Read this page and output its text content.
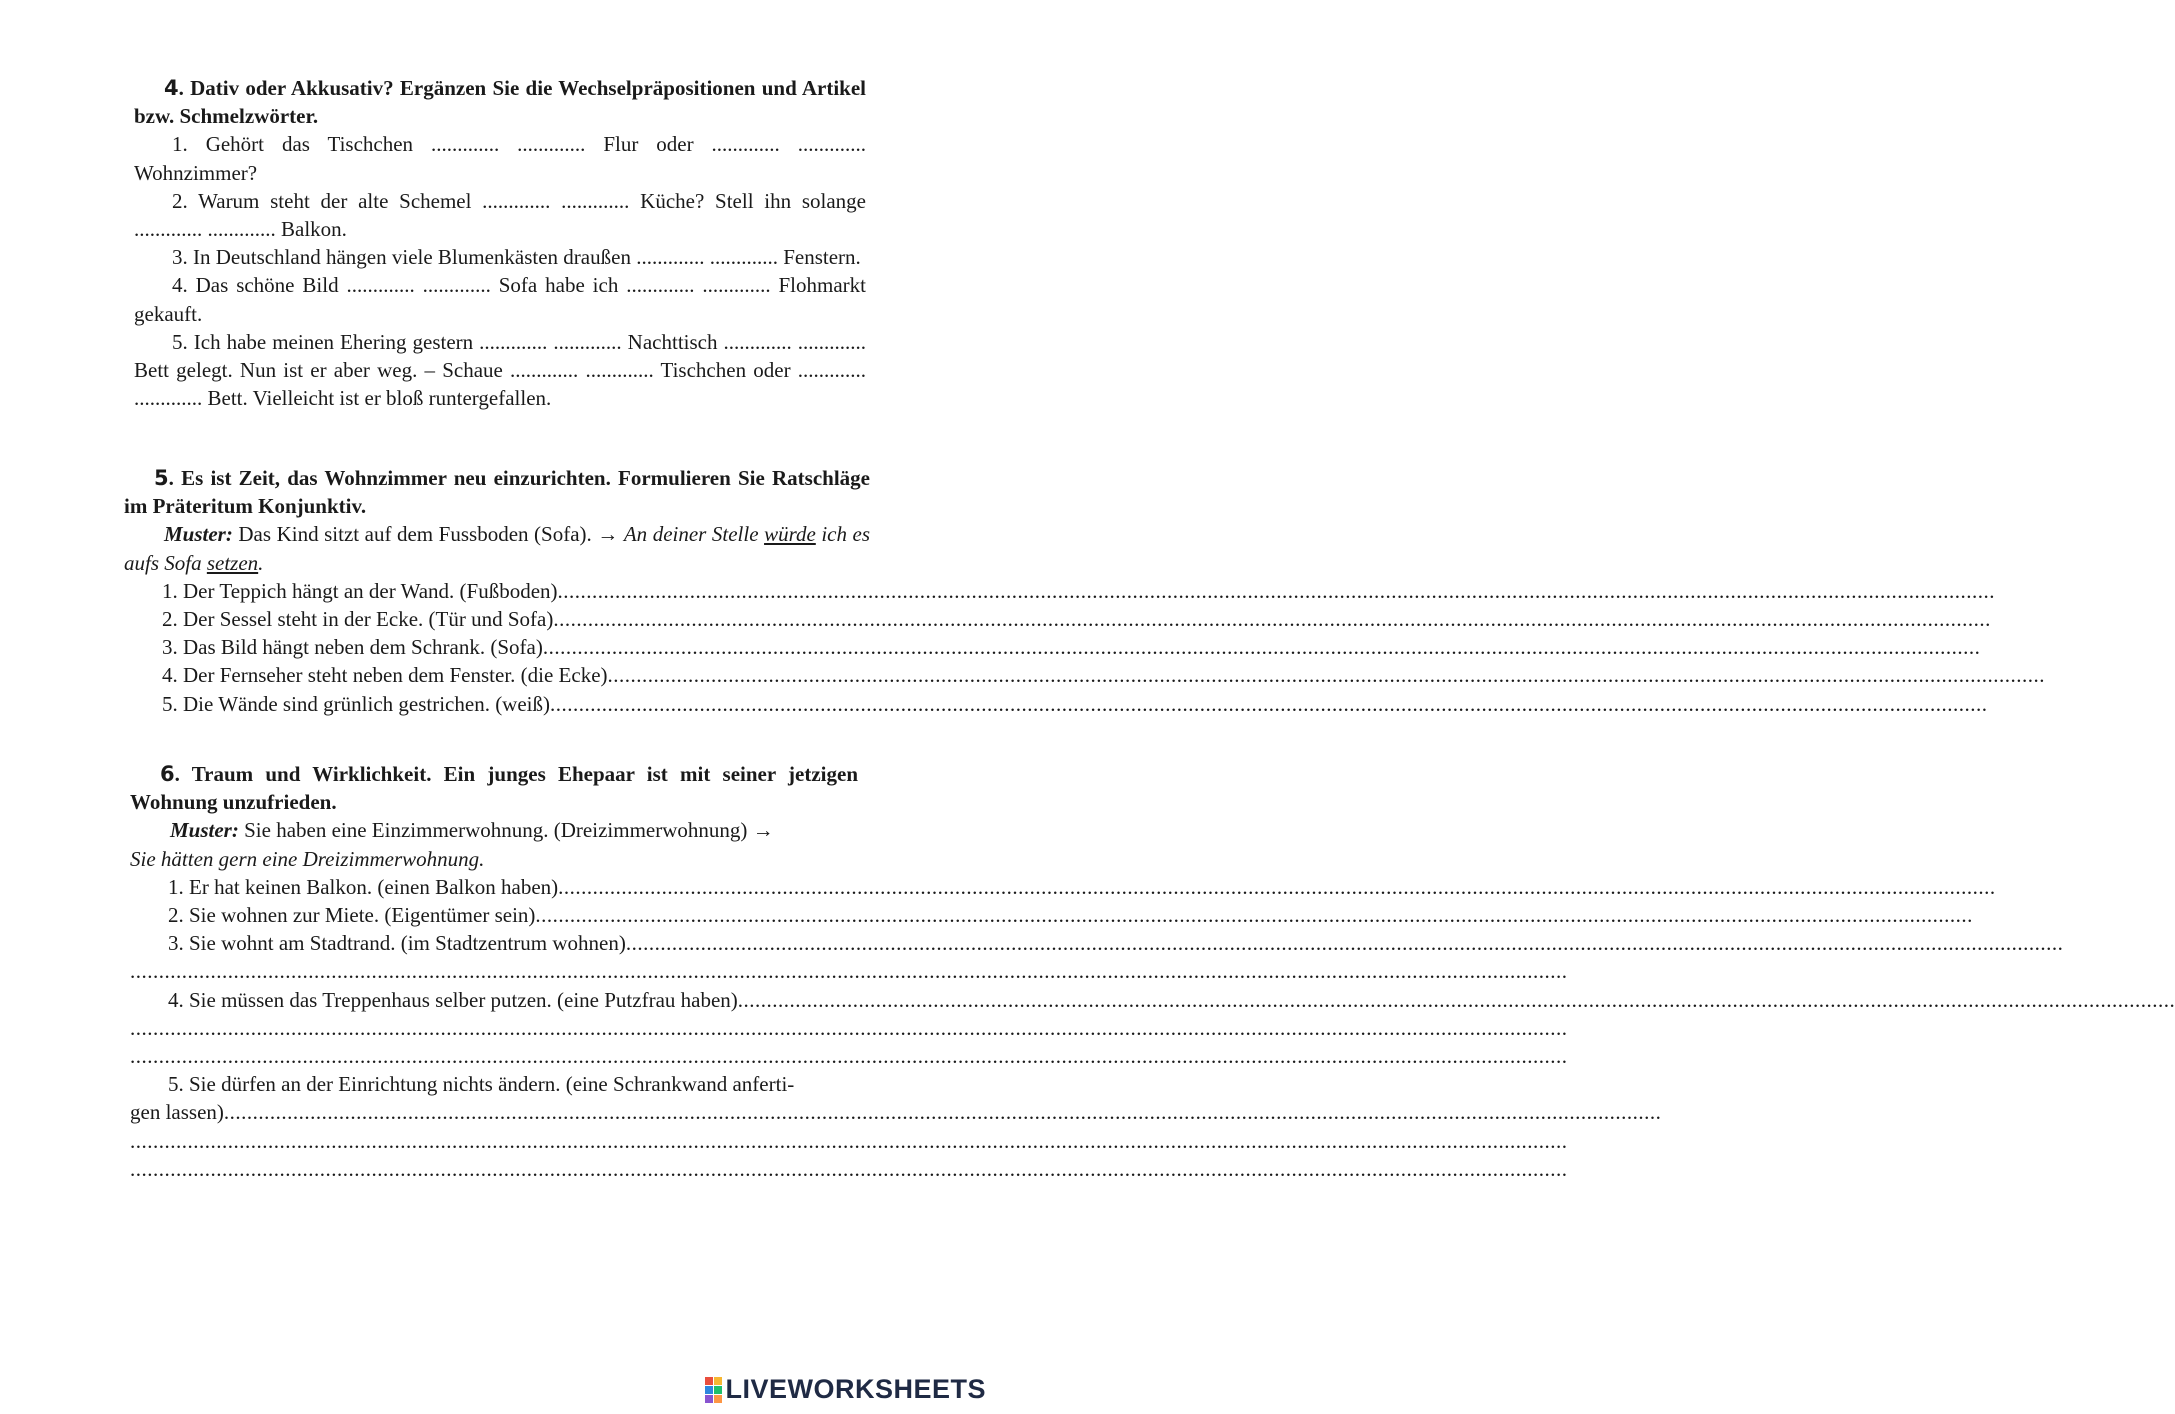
4. Dativ oder Akkusativ? Ergänzen Sie die Wechselpräpositionen und Artikel bzw. Schmelzwörter.

1. Gehört das Tischchen ............. ............. Flur oder ............. ............. Wohnzimmer?

2. Warum steht der alte Schemel ............. ............. Küche? Stell ihn solange ............. ............. Balkon.

3. In Deutschland hängen viele Blumenkästen draußen ............. ............. Fenstern.

4. Das schöne Bild ............. ............. Sofa habe ich ............. ............. Flohmarkt gekauft.

5. Ich habe meinen Ehering gestern ............. ............. Nachttisch ............. ............. Bett gelegt. Nun ist er aber weg. – Schaue ............. ............. Tischchen oder ............. ............. Bett. Vielleicht ist er bloß runtergefallen.

5. Es ist Zeit, das Wohnzimmer neu einzurichten. Formulieren Sie Ratschläge im Präteritum Konjunktiv.

Muster: Das Kind sitzt auf dem Fussboden (Sofa). → An deiner Stelle würde ich es aufs Sofa setzen.

1. Der Teppich hängt an der Wand. (Fußboden) ..........................................................................................................................................................................................................................................................

2. Der Sessel steht in der Ecke. (Tür und Sofa) ..........................................................................................................................................................................................................................................................

3. Das Bild hängt neben dem Schrank. (Sofa) ..........................................................................................................................................................................................................................................................

4. Der Fernseher steht neben dem Fenster. (die Ecke) ..........................................................................................................................................................................................................................................................

5. Die Wände sind grünlich gestrichen. (weiß) ..........................................................................................................................................................................................................................................................

6. Traum und Wirklichkeit. Ein junges Ehepaar ist mit seiner jetzigen Wohnung unzufrieden.

Muster: Sie haben eine Einzimmerwohnung. (Dreizimmerwohnung) →

Sie hätten gern eine Dreizimmerwohnung.

1. Er hat keinen Balkon. (einen Balkon haben) ..........................................................................................................................................................................................................................................................

2. Sie wohnen zur Miete. (Eigentümer sein) ..........................................................................................................................................................................................................................................................

3. Sie wohnt am Stadtrand. (im Stadtzentrum wohnen) ..........................................................................................................................................................................................................................................................

..........................................................................................................................................................................................................................................................

4. Sie müssen das Treppenhaus selber putzen. (eine Putzfrau haben) ..........................................................................................................................................................................................................................................................

..........................................................................................................................................................................................................................................................

..........................................................................................................................................................................................................................................................

5. Sie dürfen an der Einrichtung nichts ändern. (eine Schrankwand anferti-

gen lassen) ..........................................................................................................................................................................................................................................................

..........................................................................................................................................................................................................................................................

..........................................................................................................................................................................................................................................................

LIVEWORKSHEETS
